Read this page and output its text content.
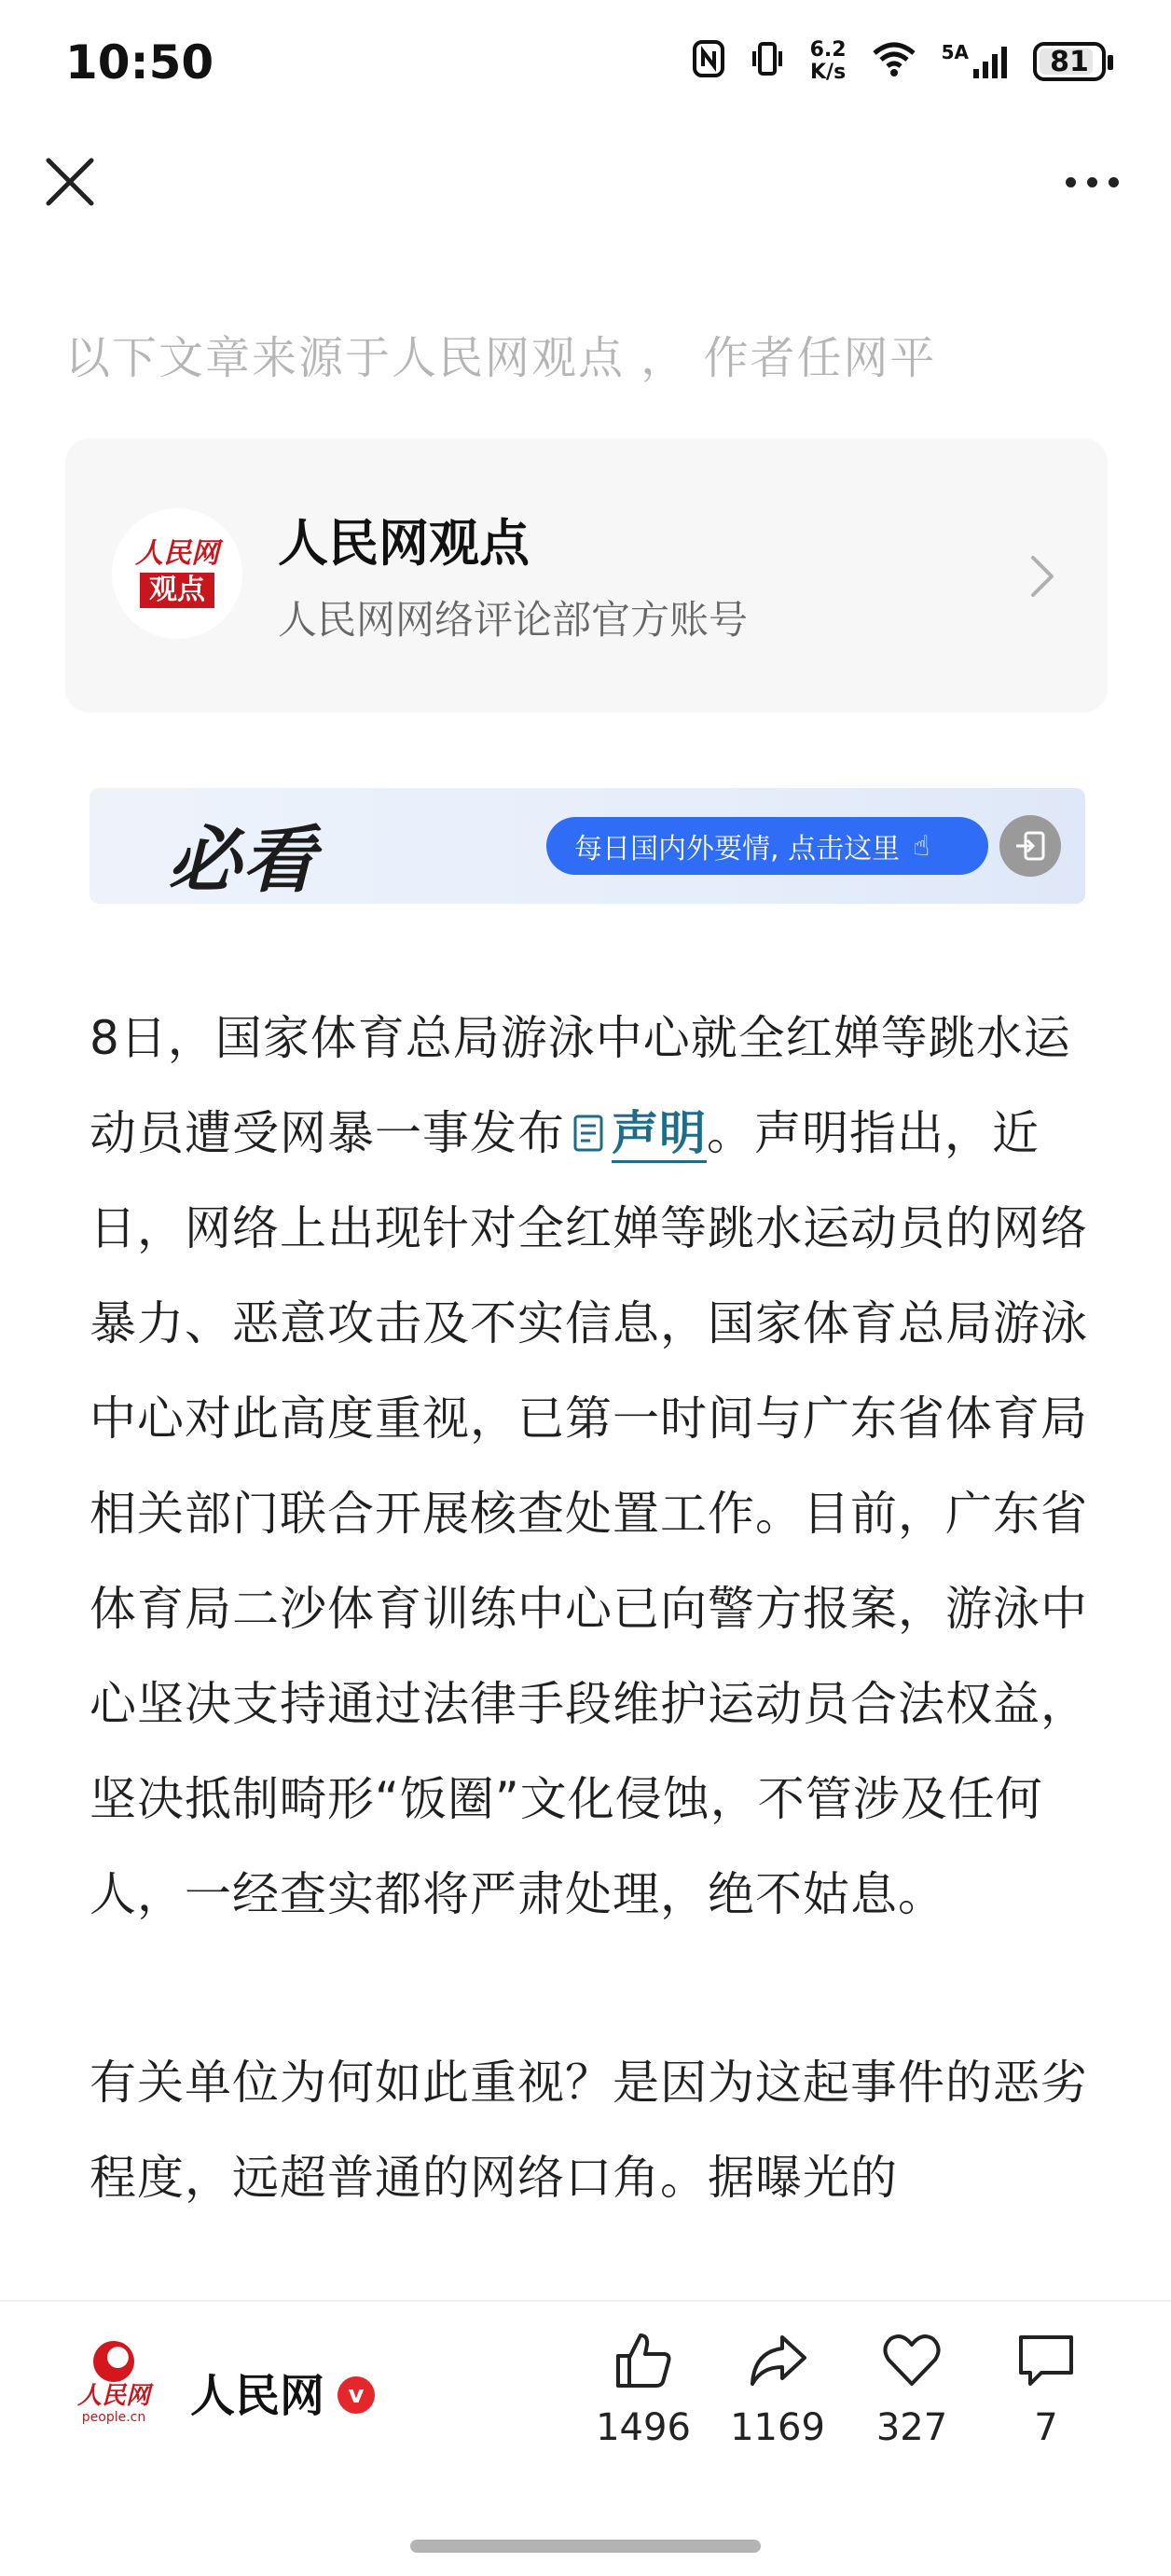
10:50	6.2
K/s
5A	81
以下文章来源于人民网观点 ， 作者任网平
人民网
观点
人民网观点
人民网网络评论部官方账号
必看	每日国内外要情, 点击这里 ☝

8日，国家体育总局游泳中心就全红婵等跳水运动员遭受网暴一事发布 声明。声明指出，近日，网络上出现针对全红婵等跳水运动员的网络暴力、恶意攻击及不实信息，国家体育总局游泳中心对此高度重视，已第一时间与广东省体育局相关部门联合开展核查处置工作。目前，广东省体育局二沙体育训练中心已向警方报案，游泳中心坚决支持通过法律手段维护运动员合法权益，坚决抵制畸形“饭圈”文化侵蚀，不管涉及任何人，一经查实都将严肃处理，绝不姑息。

有关单位为何如此重视？是因为这起事件的恶劣程度，远超普通的网络口角。据曝光的

人民网
people.cn 人民网 v
1496 1169 327 7
